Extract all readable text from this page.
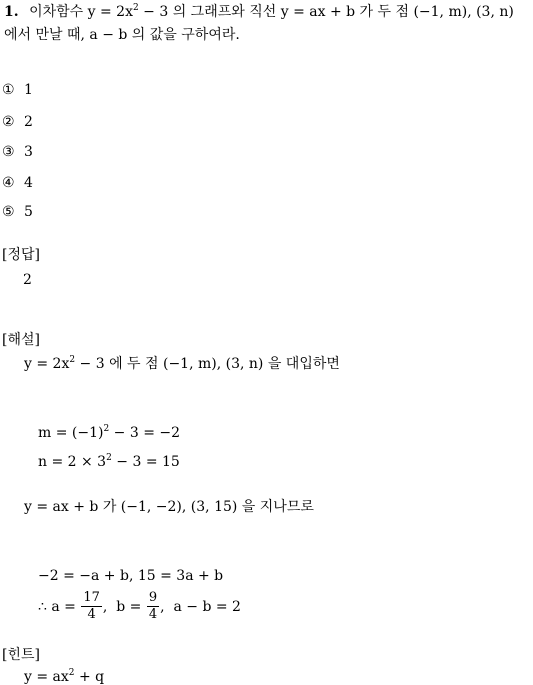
1. 이차함수 $y = 2x^2 - 3$ 의 그래프와 직선 y = ax + b 가 두 점 (−1, m), (3, n)
에서 만날 때, a − b 의 값을 구하여라.
① 1
② 2
③ 3
④ 4
⑤ 5
[정답]
2
[해설]
$y = 2x^2 - 3$ 에 두 점 (−1, m), (3, n) 을 대입하면
$m = (-1)^2 - 3 = -2$
$n = 2 \times 3^2 - 3 = 15$
y = ax + b 가 (−1, −2), (3, 15) 을 지나므로
−2 = −a + b, 15 = 3a + b
∴ $a = \frac{17}{4}$ ,  $b = \frac{9}{4}$ ,  a − b = 2
[힌트]
$y = ax^2 + q$
